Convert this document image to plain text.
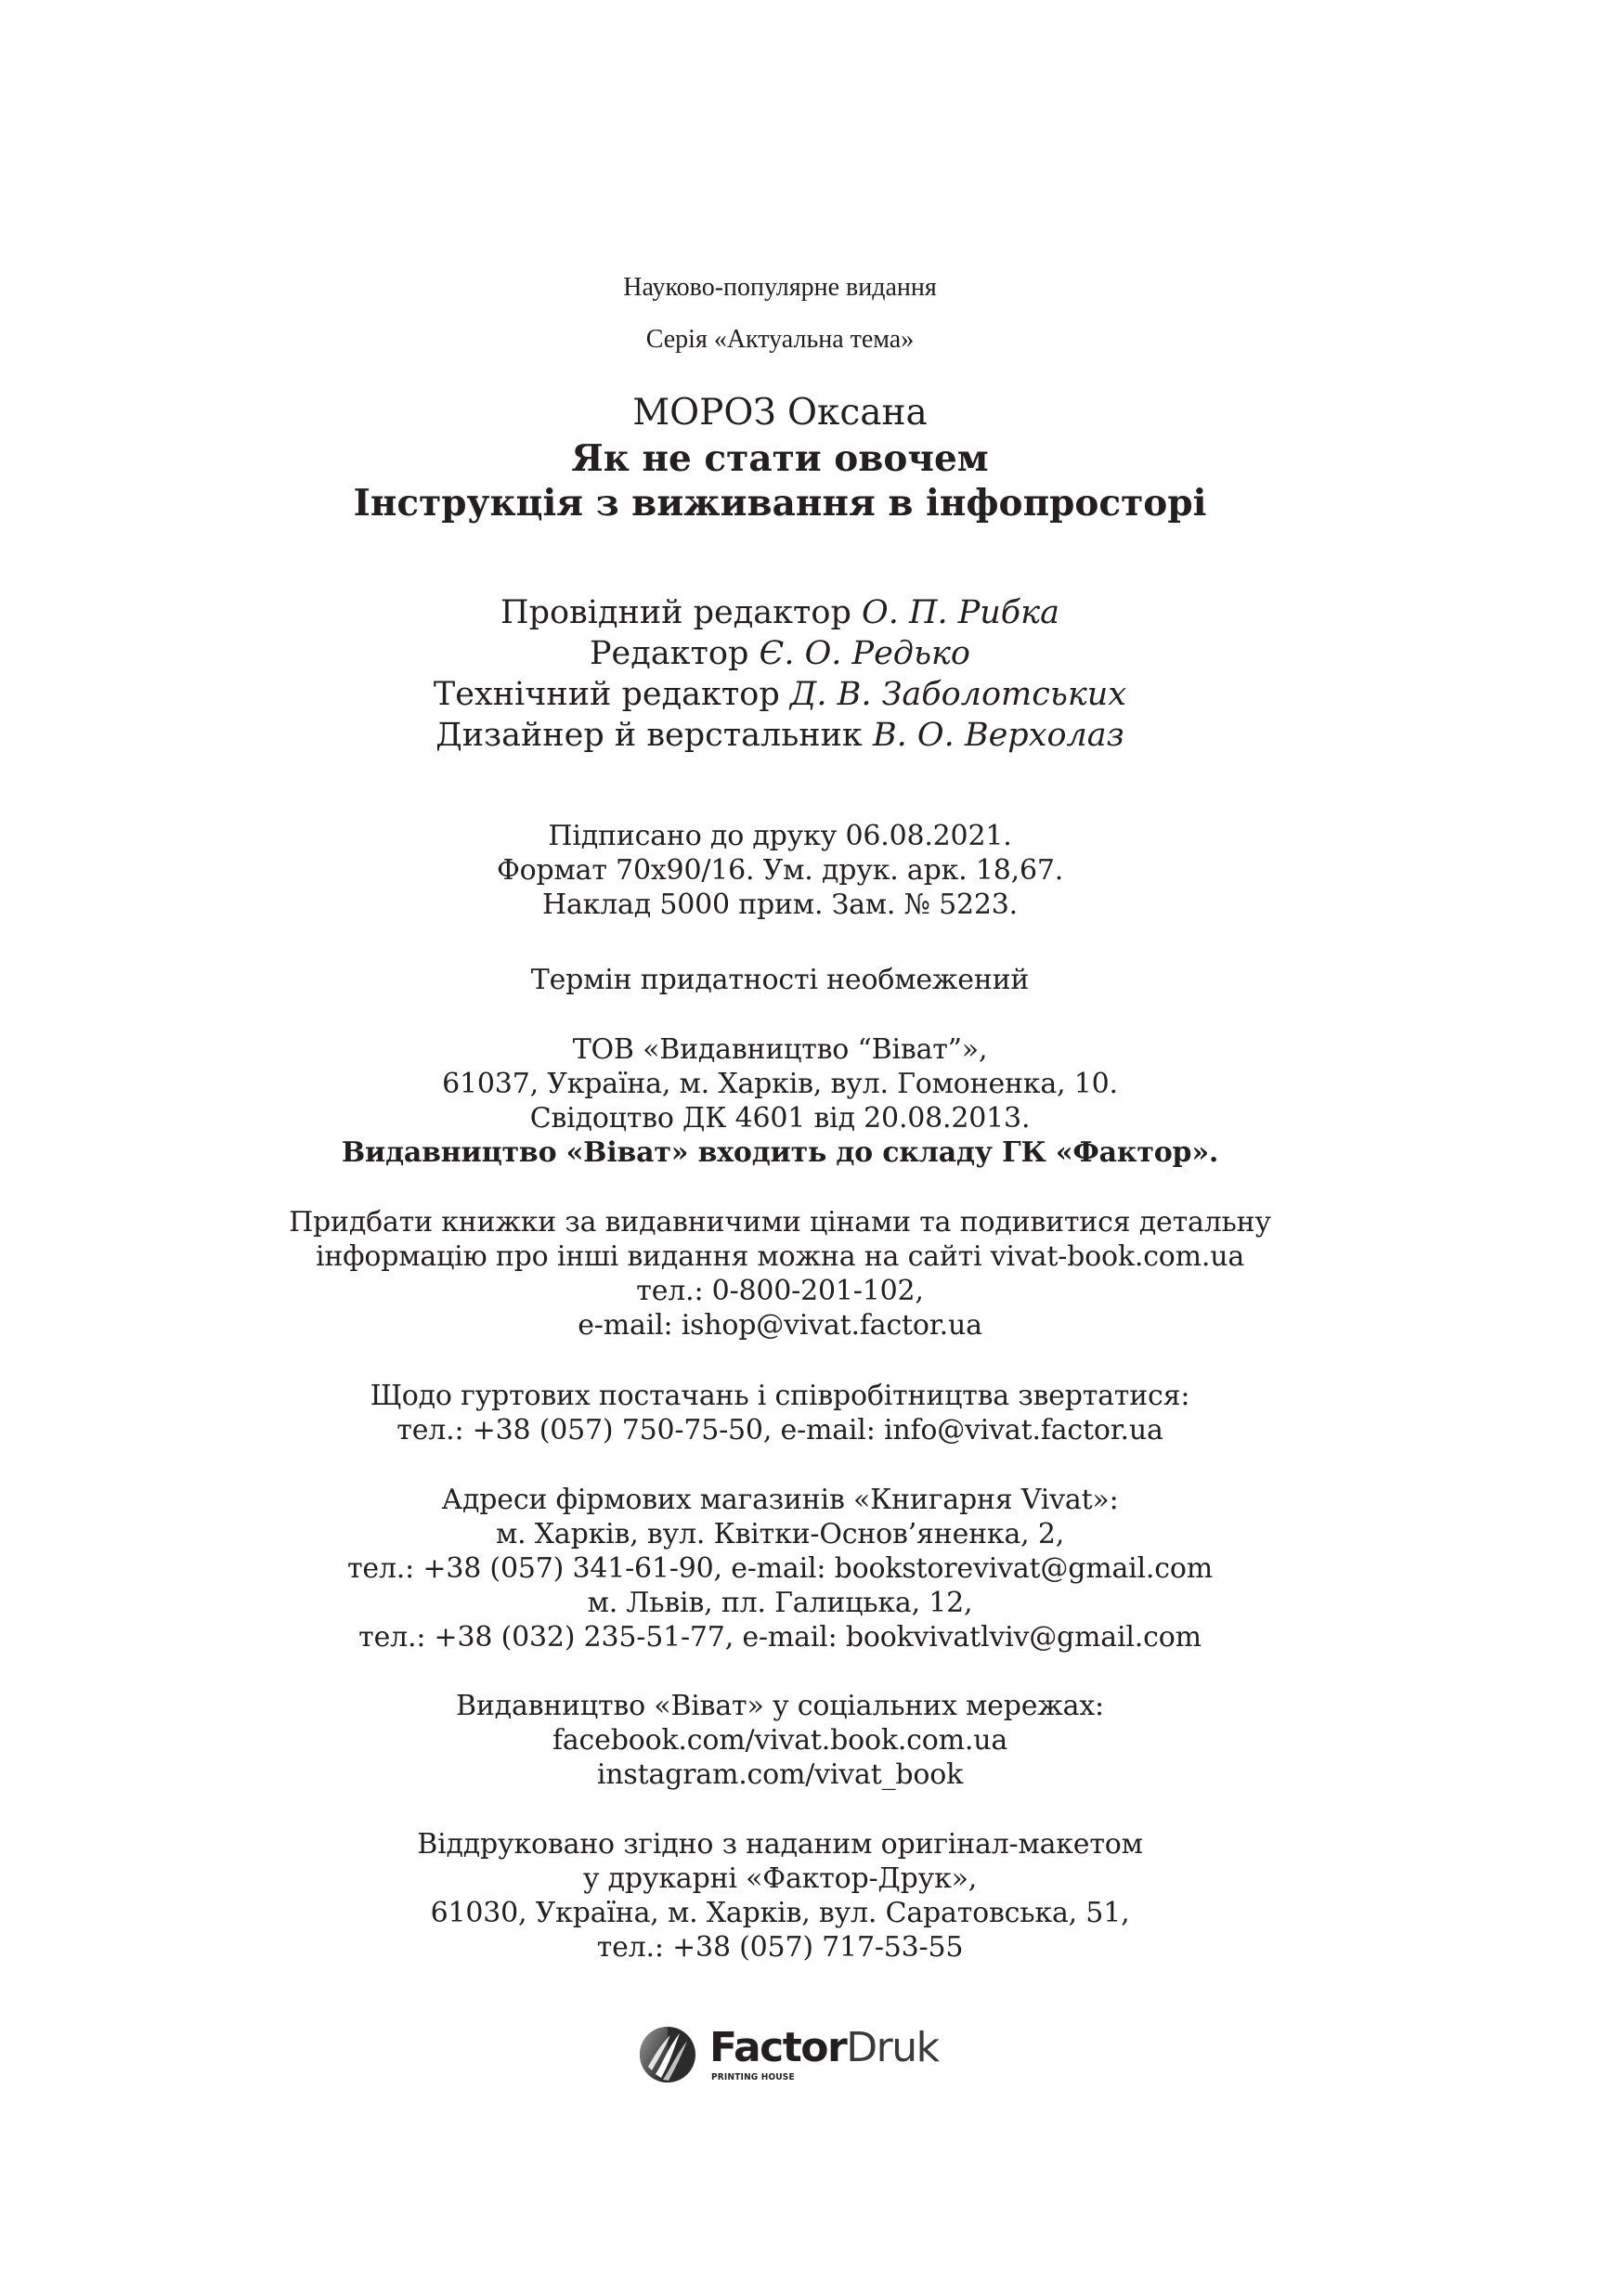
Науково-популярне видання
Серія «Актуальна тема»
МОРОЗ Оксана
Як не стати овочем
Інструкція з виживання в інфопросторі
Провідний редактор О. П. Рибка
Редактор Є. О. Редько
Технічний редактор Д. В. Заболотських
Дизайнер й верстальник В. О. Верхолаз
Підписано до друку 06.08.2021.
Формат 70х90/16. Ум. друк. арк. 18,67.
Наклад 5000 прим. Зам. № 5223.
Термін придатності необмежений
ТОВ «Видавництво “Віват”»,
61037, Україна, м. Харків, вул. Гомоненка, 10.
Свідоцтво ДК 4601 від 20.08.2013.
Видавництво «Віват» входить до складу ГК «Фактор».
Придбати книжки за видавничими цінами та подивитися детальну
інформацію про інші видання можна на сайті vivat-book.com.ua
тел.: 0-800-201-102,
e-mail: ishop@vivat.factor.ua
Щодо гуртових постачань і співробітництва звертатися:
тел.: +38 (057) 750-75-50, e-mail: info@vivat.factor.ua
Адреси фірмових магазинів «Книгарня Vivat»:
м. Харків, вул. Квітки-Основ’яненка, 2,
тел.: +38 (057) 341-61-90, e-mail: bookstorevivat@gmail.com
м. Львів, пл. Галицька, 12,
тел.: +38 (032) 235-51-77, e-mail: bookvivatlviv@gmail.com
Видавництво «Віват» у соціальних мережах:
facebook.com/vivat.book.com.ua
instagram.com/vivat_book
Віддруковано згідно з наданим оригінал-макетом
у друкарні «Фактор-Друк»,
61030, Україна, м. Харків, вул. Саратовська, 51,
тел.: +38 (057) 717-53-55
FactorDruk
PRINTING HOUSE
